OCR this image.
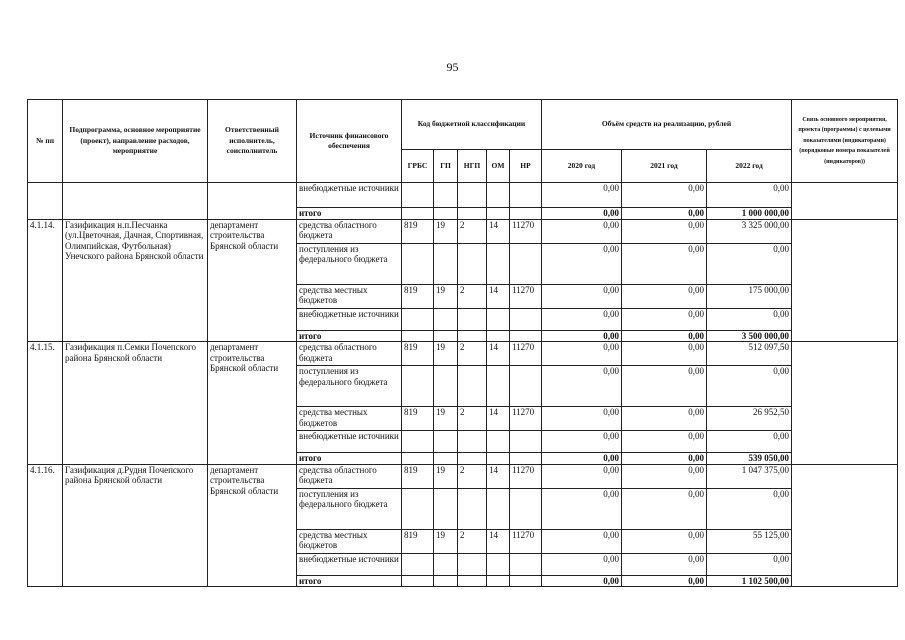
95
№ пп	Подпрограмма, основное мероприятие (проект), направление расходов, мероприятие	Ответственный исполнитель, соисполнитель	Источник финансового обеспечения	Код бюджетной классификации					Объём средств на реализацию, рублей			Связь основного мероприятия, проекта (программы) с целевыми показателями (индикаторами) (порядковые номера показателей (индикаторов))
				ГРБС	ГП	НГП	ОМ	НР	2020 год	2021 год	2022 год	
			внебюджетные источники						0,00	0,00	0,00	
			итого						0,00	0,00	1 000 000,00	
4.1.14.	Газификация н.п.Песчанка (ул.Цветочная, Дачная, Спортивная, Олимпийская, Футбольная) Унечского района Брянской области	департамент строительства Брянской области	средства областного бюджета	819	19	2	14	11270	0,00	0,00	3 325 000,00	
			поступления из федерального бюджета						0,00	0,00	0,00	
			средства местных бюджетов	819	19	2	14	11270	0,00	0,00	175 000,00	
			внебюджетные источники						0,00	0,00	0,00	
			итого						0,00	0,00	3 500 000,00	
4.1.15.	Газификация п.Семки Почепского района Брянской области	департамент строительства Брянской области	средства областного бюджета	819	19	2	14	11270	0,00	0,00	512 097,50	
			поступления из федерального бюджета						0,00	0,00	0,00	
			средства местных бюджетов	819	19	2	14	11270	0,00	0,00	26 952,50	
			внебюджетные источники						0,00	0,00	0,00	
			итого						0,00	0,00	539 050,00	
4.1.16.	Газификация д.Рудня Почепского района Брянской области	департамент строительства Брянской области	средства областного бюджета	819	19	2	14	11270	0,00	0,00	1 047 375,00	
			поступления из федерального бюджета						0,00	0,00	0,00	
			средства местных бюджетов	819	19	2	14	11270	0,00	0,00	55 125,00	
			внебюджетные источники						0,00	0,00	0,00	
			итого						0,00	0,00	1 102 500,00	
